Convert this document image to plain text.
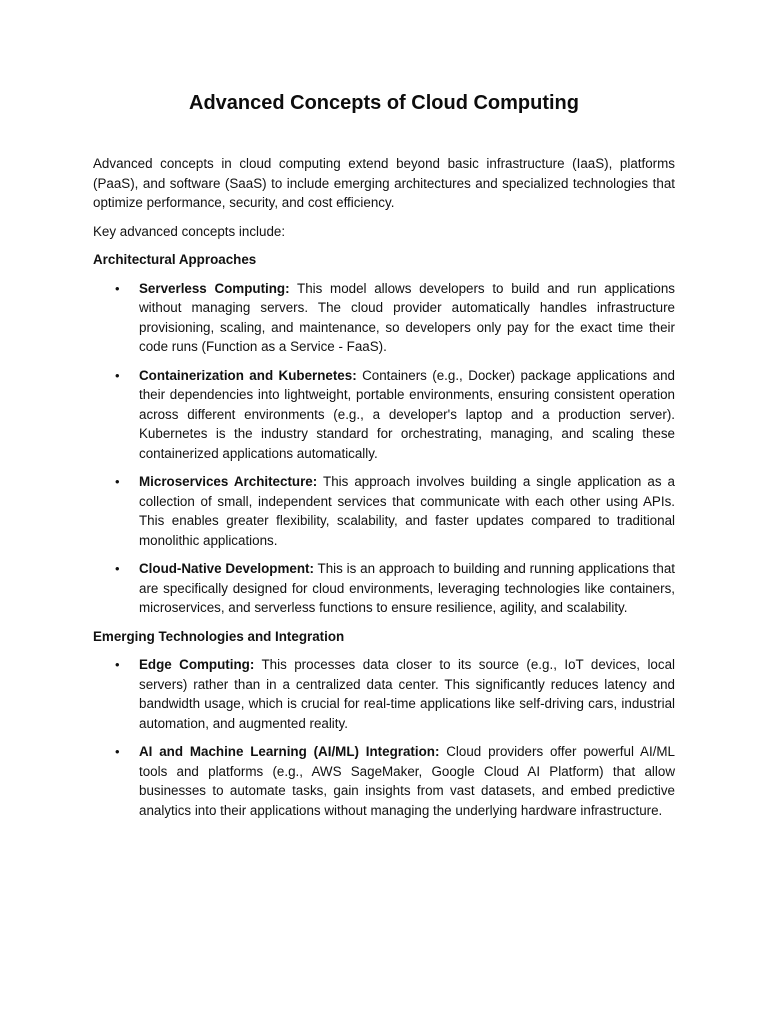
Advanced Concepts of Cloud Computing

Advanced concepts in cloud computing extend beyond basic infrastructure (IaaS), platforms (PaaS), and software (SaaS) to include emerging architectures and specialized technologies that optimize performance, security, and cost efficiency.

Key advanced concepts include:

Architectural Approaches
• Serverless Computing: This model allows developers to build and run applications without managing servers. The cloud provider automatically handles infrastructure provisioning, scaling, and maintenance, so developers only pay for the exact time their code runs (Function as a Service - FaaS).
• Containerization and Kubernetes: Containers (e.g., Docker) package applications and their dependencies into lightweight, portable environments, ensuring consistent operation across different environments (e.g., a developer's laptop and a production server). Kubernetes is the industry standard for orchestrating, managing, and scaling these containerized applications automatically.
• Microservices Architecture: This approach involves building a single application as a collection of small, independent services that communicate with each other using APIs. This enables greater flexibility, scalability, and faster updates compared to traditional monolithic applications.
• Cloud-Native Development: This is an approach to building and running applications that are specifically designed for cloud environments, leveraging technologies like containers, microservices, and serverless functions to ensure resilience, agility, and scalability.
Emerging Technologies and Integration
• Edge Computing: This processes data closer to its source (e.g., IoT devices, local servers) rather than in a centralized data center. This significantly reduces latency and bandwidth usage, which is crucial for real-time applications like self-driving cars, industrial automation, and augmented reality.
• AI and Machine Learning (AI/ML) Integration: Cloud providers offer powerful AI/ML tools and platforms (e.g., AWS SageMaker, Google Cloud AI Platform) that allow businesses to automate tasks, gain insights from vast datasets, and embed predictive analytics into their applications without managing the underlying hardware infrastructure.
